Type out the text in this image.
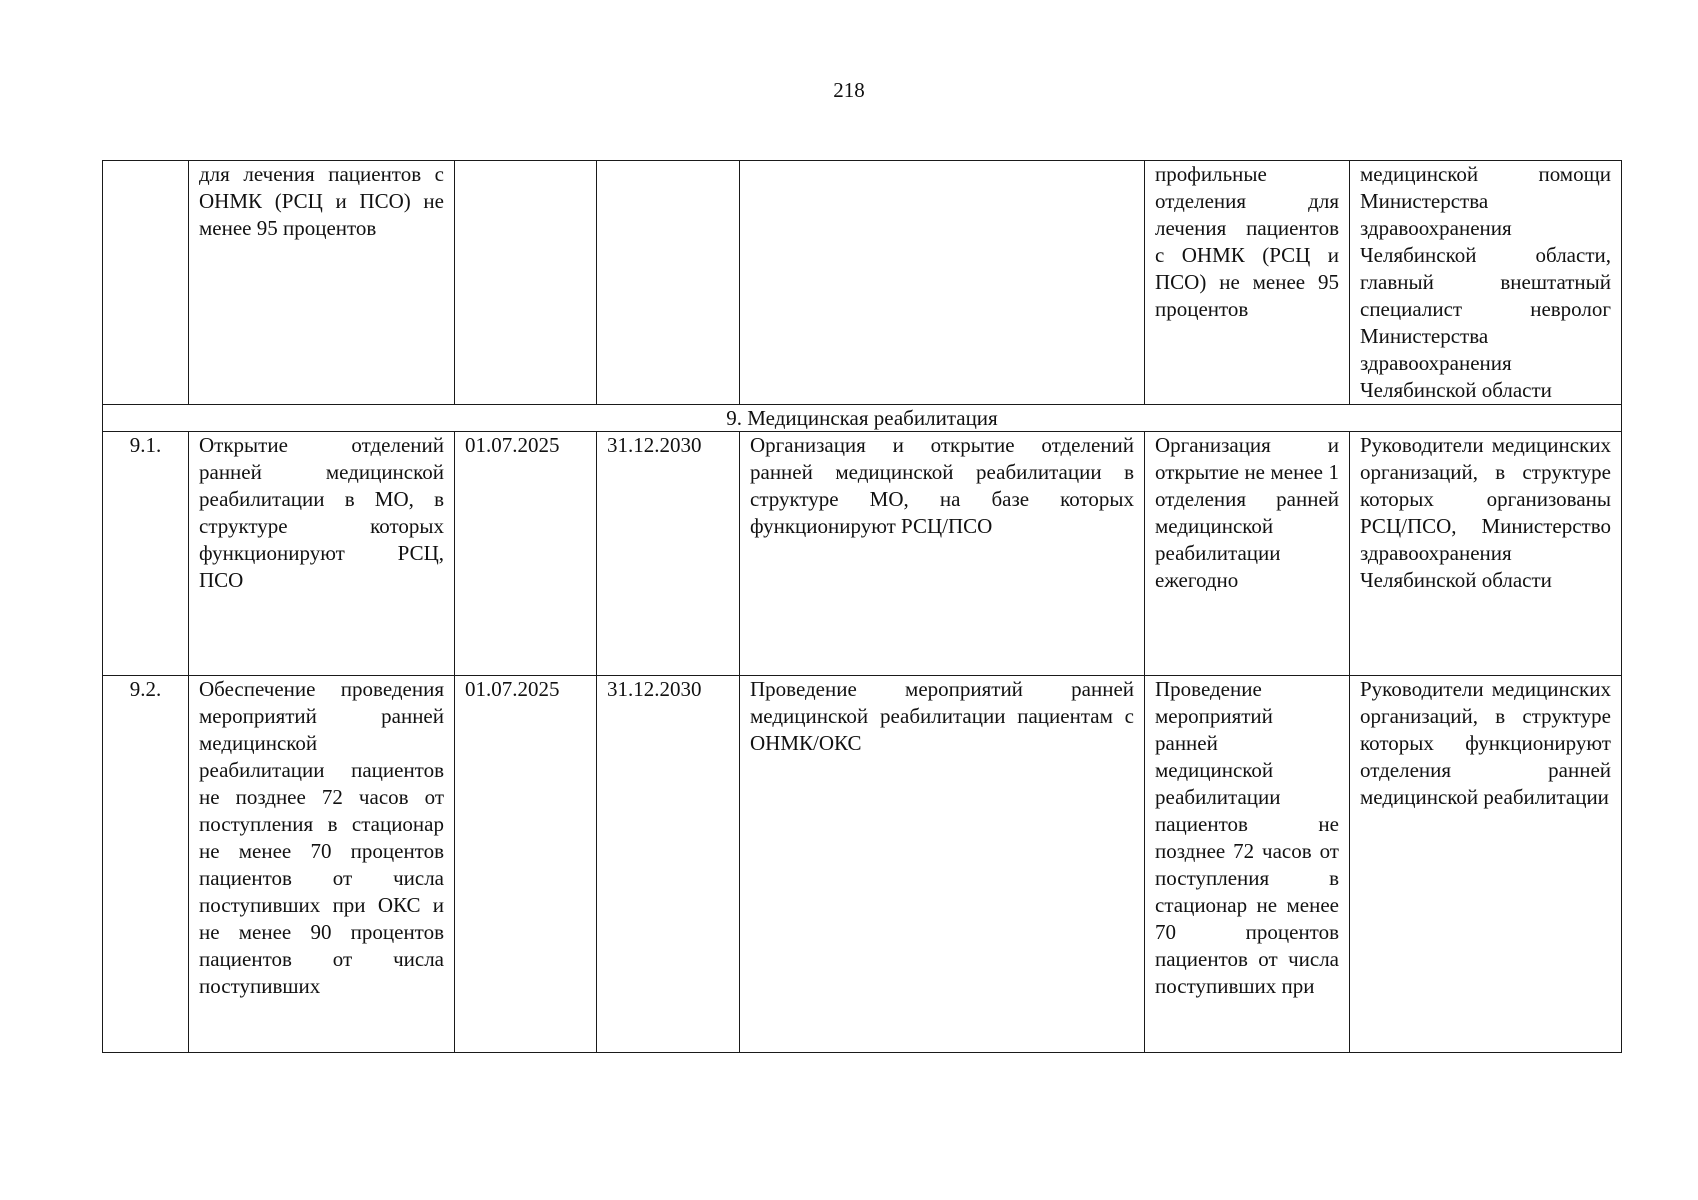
218
	для лечения пациентов с ОНМК (РСЦ и ПСО) не менее 95 процентов				профильные отделения для лечения пациентов с ОНМК (РСЦ и ПСО) не менее 95 процентов	медицинской помощи Министерства здравоохранения Челябинской области, главный внештатный специалист невролог Министерства здравоохранения Челябинской области
9. Медицинская реабилитация						
9.1.	Открытие отделений ранней медицинской реабилитации в МО, в структуре которых функционируют РСЦ, ПСО	01.07.2025	31.12.2030	Организация и открытие отделений ранней медицинской реабилитации в структуре МО, на базе которых функционируют РСЦ/ПСО	Организация и открытие не менее 1 отделения ранней медицинской реабилитации ежегодно	Руководители медицинских организаций, в структуре которых организованы РСЦ/ПСО, Министерство здравоохранения Челябинской области
9.2.	Обеспечение проведения мероприятий ранней медицинской реабилитации пациентов не позднее 72 часов от поступления в стационар не менее 70 процентов пациентов от числа поступивших при ОКС и не менее 90 процентов пациентов от числа поступивших	01.07.2025	31.12.2030	Проведение мероприятий ранней медицинской реабилитации пациентам с ОНМК/ОКС	Проведение мероприятий ранней медицинской реабилитации пациентов не позднее 72 часов от поступления в стационар не менее 70 процентов пациентов от числа поступивших при	Руководители медицинских организаций, в структуре которых функционируют отделения ранней медицинской реабилитации
